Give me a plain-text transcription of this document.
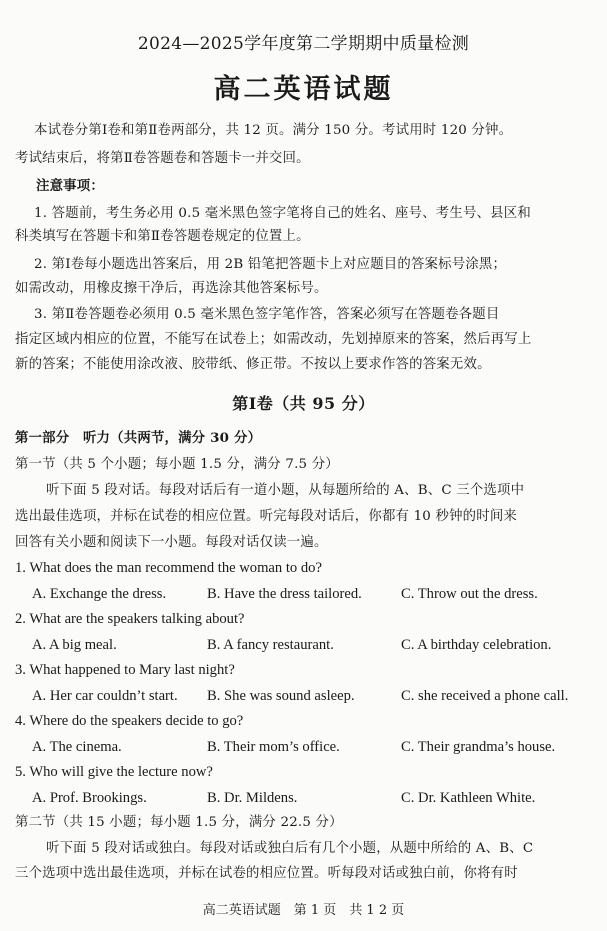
2024—2025学年度第二学期期中质量检测
高二英语试题
本试卷分第Ⅰ卷和第Ⅱ卷两部分，共 12 页。满分 150 分。考试用时 120 分钟。
考试结束后，将第Ⅱ卷答题卷和答题卡一并交回。
注意事项：
1. 答题前，考生务必用 0.5 毫米黑色签字笔将自己的姓名、座号、考生号、县区和
科类填写在答题卡和第Ⅱ卷答题卷规定的位置上。
2. 第Ⅰ卷每小题选出答案后，用 2B 铅笔把答题卡上对应题目的答案标号涂黑；
如需改动，用橡皮擦干净后，再选涂其他答案标号。
3. 第Ⅱ卷答题卷必须用 0.5 毫米黑色签字笔作答，答案必须写在答题卷各题目
指定区域内相应的位置，不能写在试卷上；如需改动，先划掉原来的答案，然后再写上
新的答案；不能使用涂改液、胶带纸、修正带。不按以上要求作答的答案无效。
第Ⅰ卷（共 95 分）
第一部分　听力（共两节，满分 30 分）
第一节（共 5 个小题；每小题 1.5 分，满分 7.5 分）
听下面 5 段对话。每段对话后有一道小题，从每题所给的 A、B、C 三个选项中
选出最佳选项，并标在试卷的相应位置。听完每段对话后，你都有 10 秒钟的时间来
回答有关小题和阅读下一小题。每段对话仅读一遍。
1. What does the man recommend the woman to do?
A. Exchange the dress.	B. Have the dress tailored.	C. Throw out the dress.
2. What are the speakers talking about?
A. A big meal.	B. A fancy restaurant.	C. A birthday celebration.
3. What happened to Mary last night?
A. Her car couldn’t start. B. She was sound asleep.	C. she received a phone call.
4. Where do the speakers decide to go?
A. The cinema.	B. Their mom’s office.	C. Their grandma’s house.
5. Who will give the lecture now?
A. Prof. Brookings.	B. Dr. Mildens.	C. Dr. Kathleen White.
第二节（共 15 小题；每小题 1.5 分，满分 22.5 分）
听下面 5 段对话或独白。每段对话或独白后有几个小题，从题中所给的 A、B、C
三个选项中选出最佳选项，并标在试卷的相应位置。听每段对话或独白前，你将有时
高二英语试题　第 1 页　共 1 2 页
